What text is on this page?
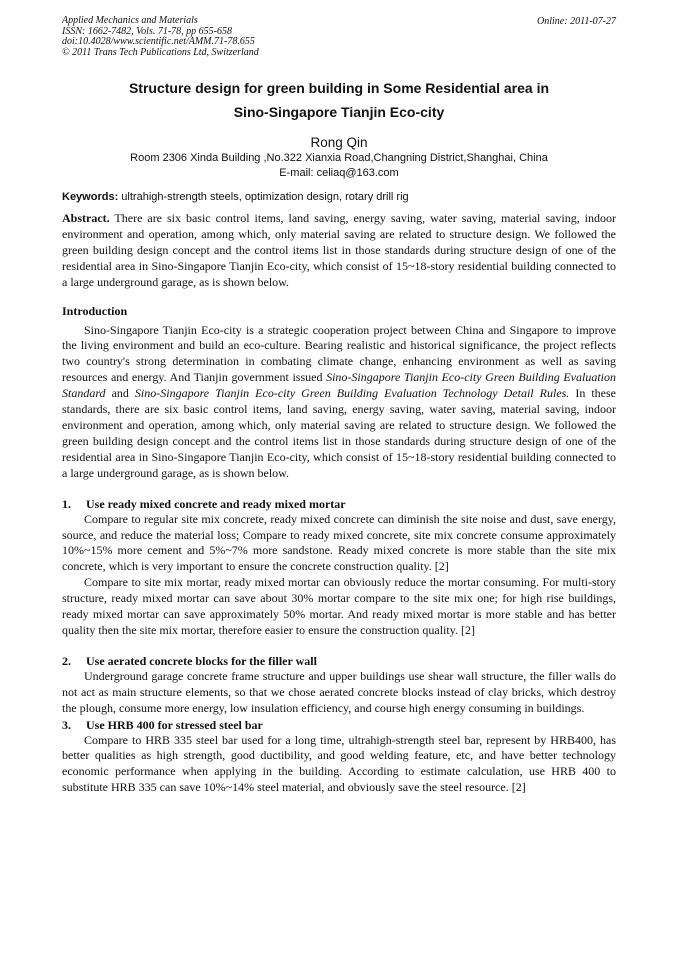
Applied Mechanics and Materials
ISSN: 1662-7482, Vols. 71-78, pp 655-658
doi:10.4028/www.scientific.net/AMM.71-78.655
© 2011 Trans Tech Publications Ltd, Switzerland
Online: 2011-07-27
Structure design for green building in Some Residential area in
Sino-Singapore Tianjin Eco-city
Rong Qin
Room 2306 Xinda Building ,No.322 Xianxia Road,Changning District,Shanghai, China
E-mail: celiaq@163.com
Keywords: ultrahigh-strength steels, optimization design, rotary drill rig

Abstract. There are six basic control items, land saving, energy saving, water saving, material saving, indoor environment and operation, among which, only material saving are related to structure design. We followed the green building design concept and the control items list in those standards during structure design of one of the residential area in Sino-Singapore Tianjin Eco-city, which consist of 15~18-story residential building connected to a large underground garage, as is shown below.

Introduction

Sino-Singapore Tianjin Eco-city is a strategic cooperation project between China and Singapore to improve the living environment and build an eco-culture. Bearing realistic and historical significance, the project reflects two country's strong determination in combating climate change, enhancing environment as well as saving resources and energy. And Tianjin government issued Sino-Singapore Tianjin Eco-city Green Building Evaluation Standard and Sino-Singapore Tianjin Eco-city Green Building Evaluation Technology Detail Rules. In these standards, there are six basic control items, land saving, energy saving, water saving, material saving, indoor environment and operation, among which, only material saving are related to structure design. We followed the green building design concept and the control items list in those standards during structure design of one of the residential area in Sino-Singapore Tianjin Eco-city, which consist of 15~18-story residential building connected to a large underground garage, as is shown below.

1.	Use ready mixed concrete and ready mixed mortar

Compare to regular site mix concrete, ready mixed concrete can diminish the site noise and dust, save energy, source, and reduce the material loss; Compare to ready mixed concrete, site mix concrete consume approximately 10%~15% more cement and 5%~7% more sandstone. Ready mixed concrete is more stable than the site mix concrete, which is very important to ensure the concrete construction quality. [2]

Compare to site mix mortar, ready mixed mortar can obviously reduce the mortar consuming. For multi-story structure, ready mixed mortar can save about 30% mortar compare to the site mix one; for high rise buildings, ready mixed mortar can save approximately 50% mortar. And ready mixed mortar is more stable and has better quality then the site mix mortar, therefore easier to ensure the construction quality. [2]

2.	Use aerated concrete blocks for the filler wall

Underground garage concrete frame structure and upper buildings use shear wall structure, the filler walls do not act as main structure elements, so that we chose aerated concrete blocks instead of clay bricks, which destroy the plough, consume more energy, low insulation efficiency, and course high energy consuming in buildings.

3.	Use HRB 400 for stressed steel bar

Compare to HRB 335 steel bar used for a long time, ultrahigh-strength steel bar, represent by HRB400, has better qualities as high strength, good ductibility, and good welding feature, etc, and have better technology economic performance when applying in the building. According to estimate calculation, use HRB 400 to substitute HRB 335 can save 10%~14% steel material, and obviously save the steel resource. [2]
